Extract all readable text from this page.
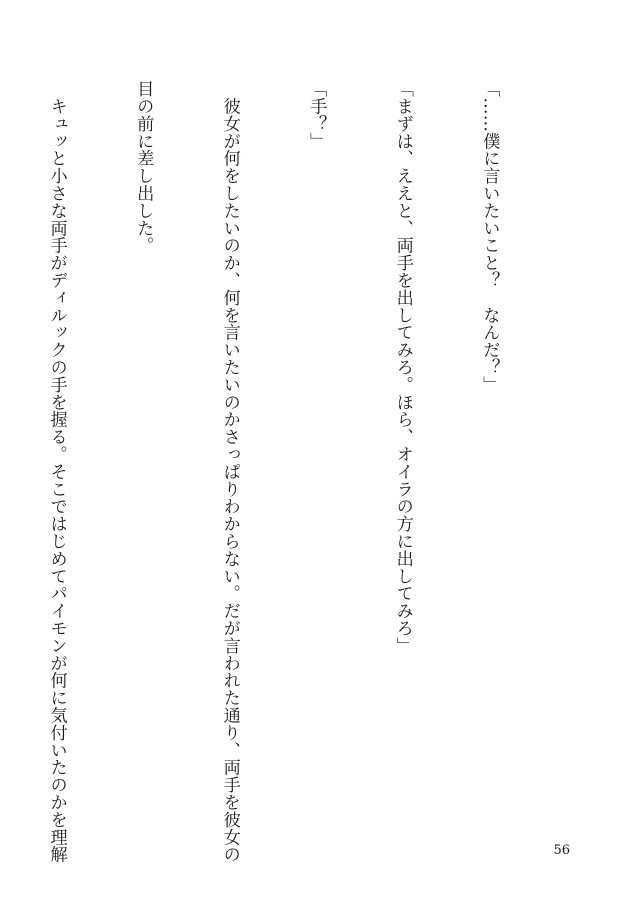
「……僕に言いたいこと？　なんだ？」

「まずは、ええと、両手を出してみろ。ほら、オイラの方に出してみろ」

「手？」

　彼女が何をしたいのか、何を言いたいのかさっぱりわからない。だが言われた通り、両手を彼女の

目の前に差し出した。

　キュッと小さな両手がディルックの手を握る。そこではじめてパイモンが何に気付いたのかを理解

	56
